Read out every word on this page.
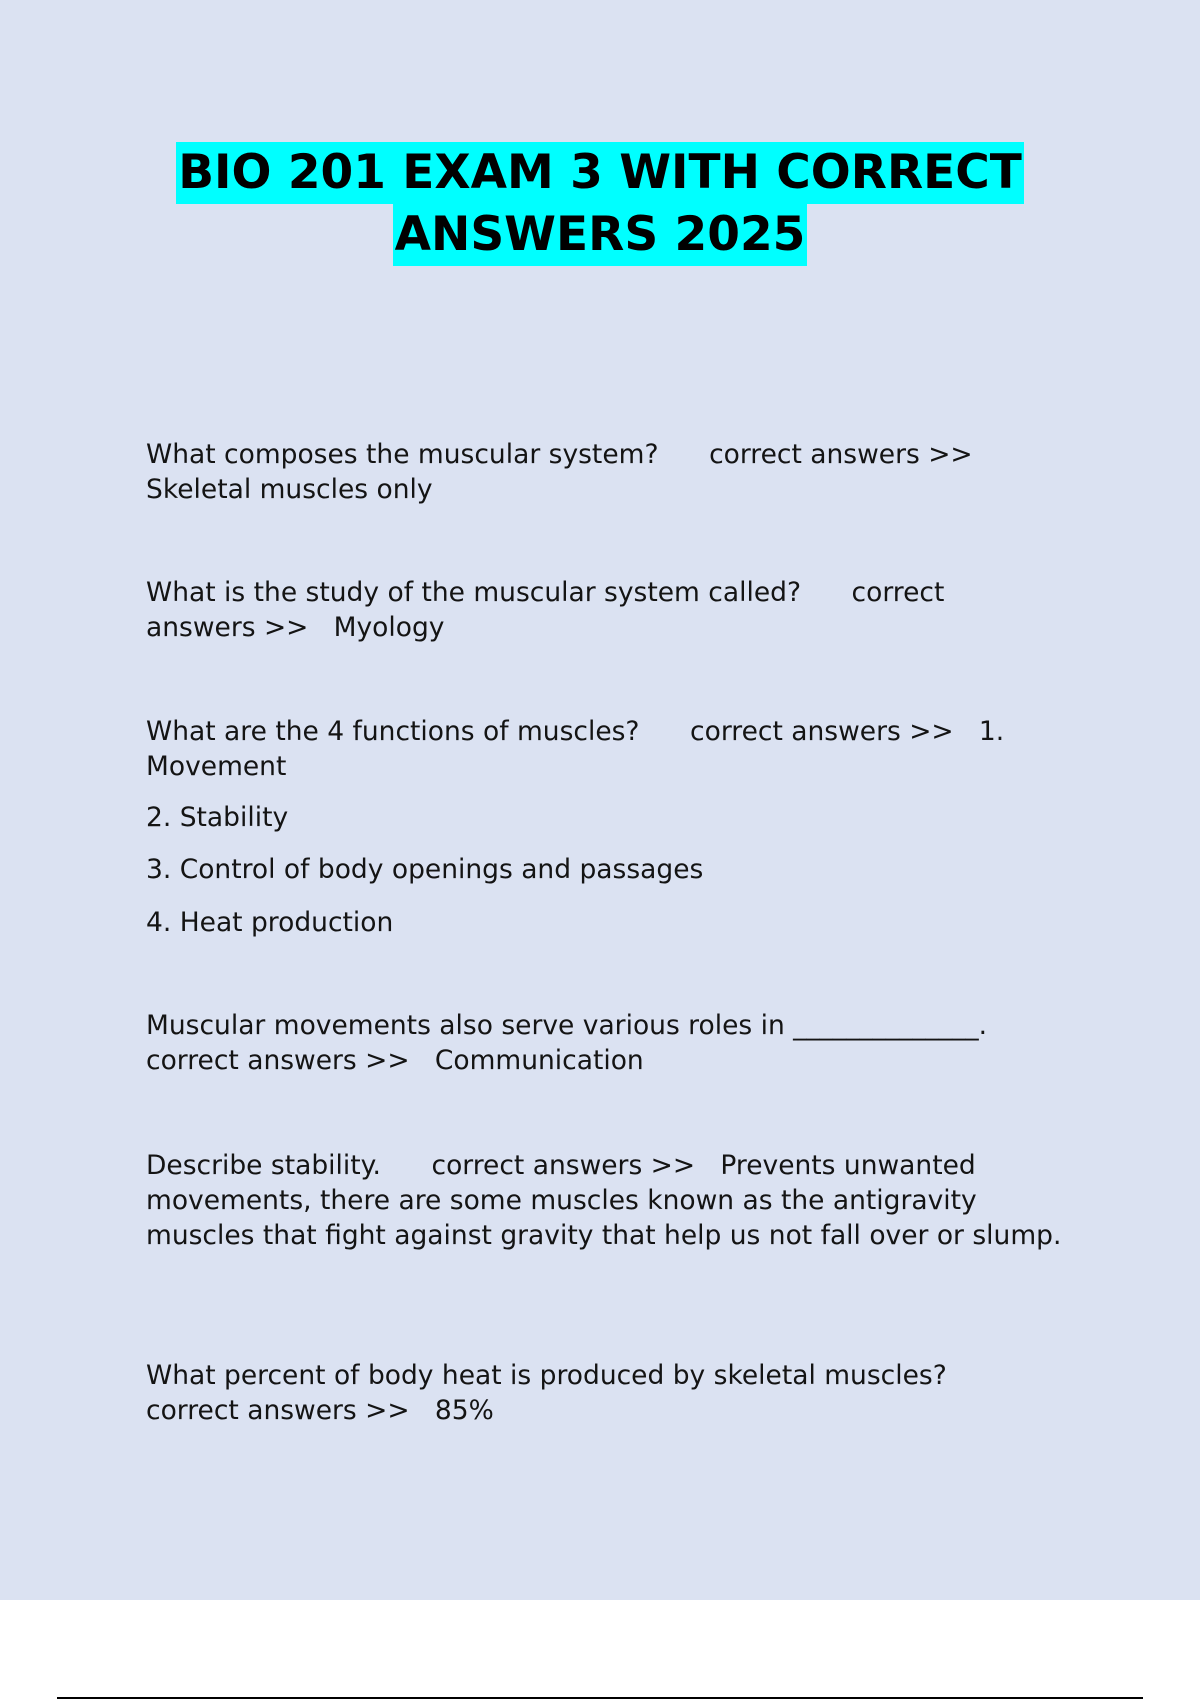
BIO 201 EXAM 3 WITH CORRECT
ANSWERS 2025

What composes the muscular system? correct answers >>
Skeletal muscles only

What is the study of the muscular system called?      correct
answers >>   Myology

What are the 4 functions of muscles?      correct answers >>   1.
Movement

2. Stability

3. Control of body openings and passages

4. Heat production

Muscular movements also serve various roles in ______________.
correct answers >> Communication

Describe stability. correct answers >> Prevents unwanted movements, there are some muscles known as the antigravity muscles that fight against gravity that help us not fall over or slump.

What percent of body heat is produced by skeletal muscles?
correct answers >> 85%
